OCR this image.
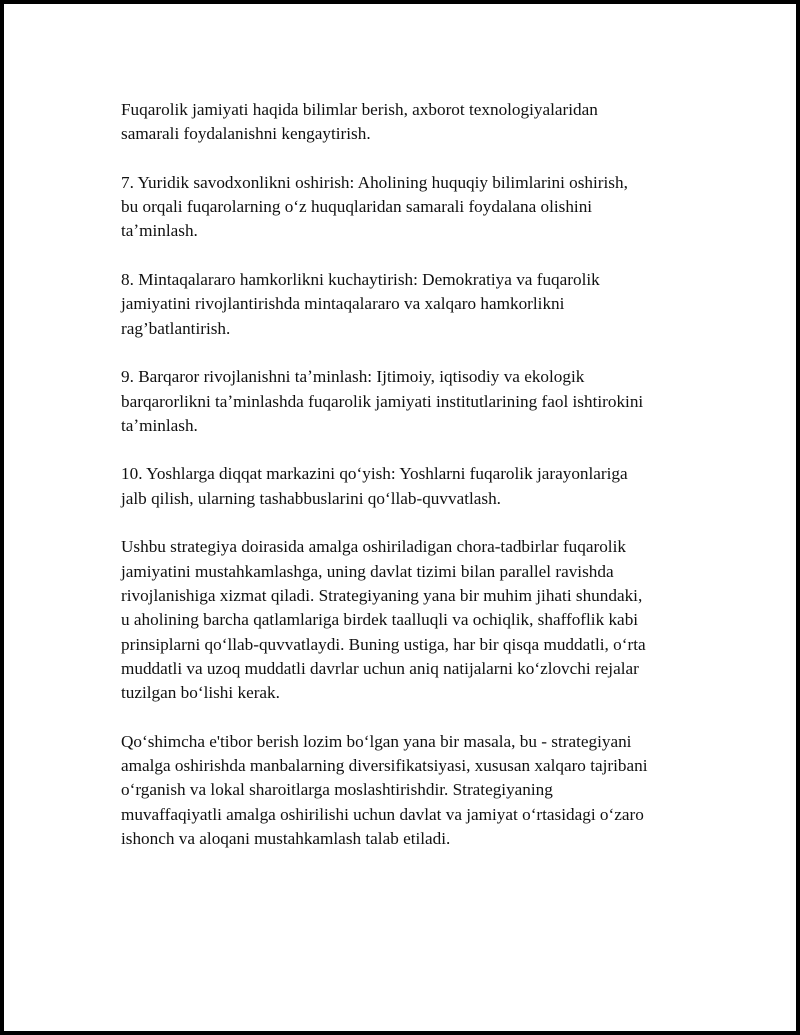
Fuqarolik jamiyati haqida bilimlar berish, axborot texnologiyalaridan
samarali foydalanishni kengaytirish.

7. Yuridik savodxonlikni oshirish: Aholining huquqiy bilimlarini oshirish,
bu orqali fuqarolarning oʻz huquqlaridan samarali foydalana olishini
taʼminlash.

8. Mintaqalararo hamkorlikni kuchaytirish: Demokratiya va fuqarolik
jamiyatini rivojlantirishda mintaqalararo va xalqaro hamkorlikni
rag’batlantirish.

9. Barqaror rivojlanishni taʼminlash: Ijtimoiy, iqtisodiy va ekologik
barqarorlikni taʼminlashda fuqarolik jamiyati institutlarining faol ishtirokini
taʼminlash.

10. Yoshlarga diqqat markazini qoʻyish: Yoshlarni fuqarolik jarayonlariga
jalb qilish, ularning tashabbuslarini qoʻllab-quvvatlash.

Ushbu strategiya doirasida amalga oshiriladigan chora-tadbirlar fuqarolik
jamiyatini mustahkamlashga, uning davlat tizimi bilan parallel ravishda
rivojlanishiga xizmat qiladi. Strategiyaning yana bir muhim jihati shundaki,
u aholining barcha qatlamlariga birdek taalluqli va ochiqlik, shaffoflik kabi
prinsiplarni qoʻllab-quvvatlaydi. Buning ustiga, har bir qisqa muddatli, oʻrta
muddatli va uzoq muddatli davrlar uchun aniq natijalarni koʻzlovchi rejalar
tuzilgan boʻlishi kerak.

Qoʻshimcha e'tibor berish lozim boʻlgan yana bir masala, bu - strategiyani
amalga oshirishda manbalarning diversifikatsiyasi, xususan xalqaro tajribani
oʻrganish va lokal sharoitlarga moslashtirishdir. Strategiyaning
muvaffaqiyatli amalga oshirilishi uchun davlat va jamiyat oʻrtasidagi oʻzaro
ishonch va aloqani mustahkamlash talab etiladi.
